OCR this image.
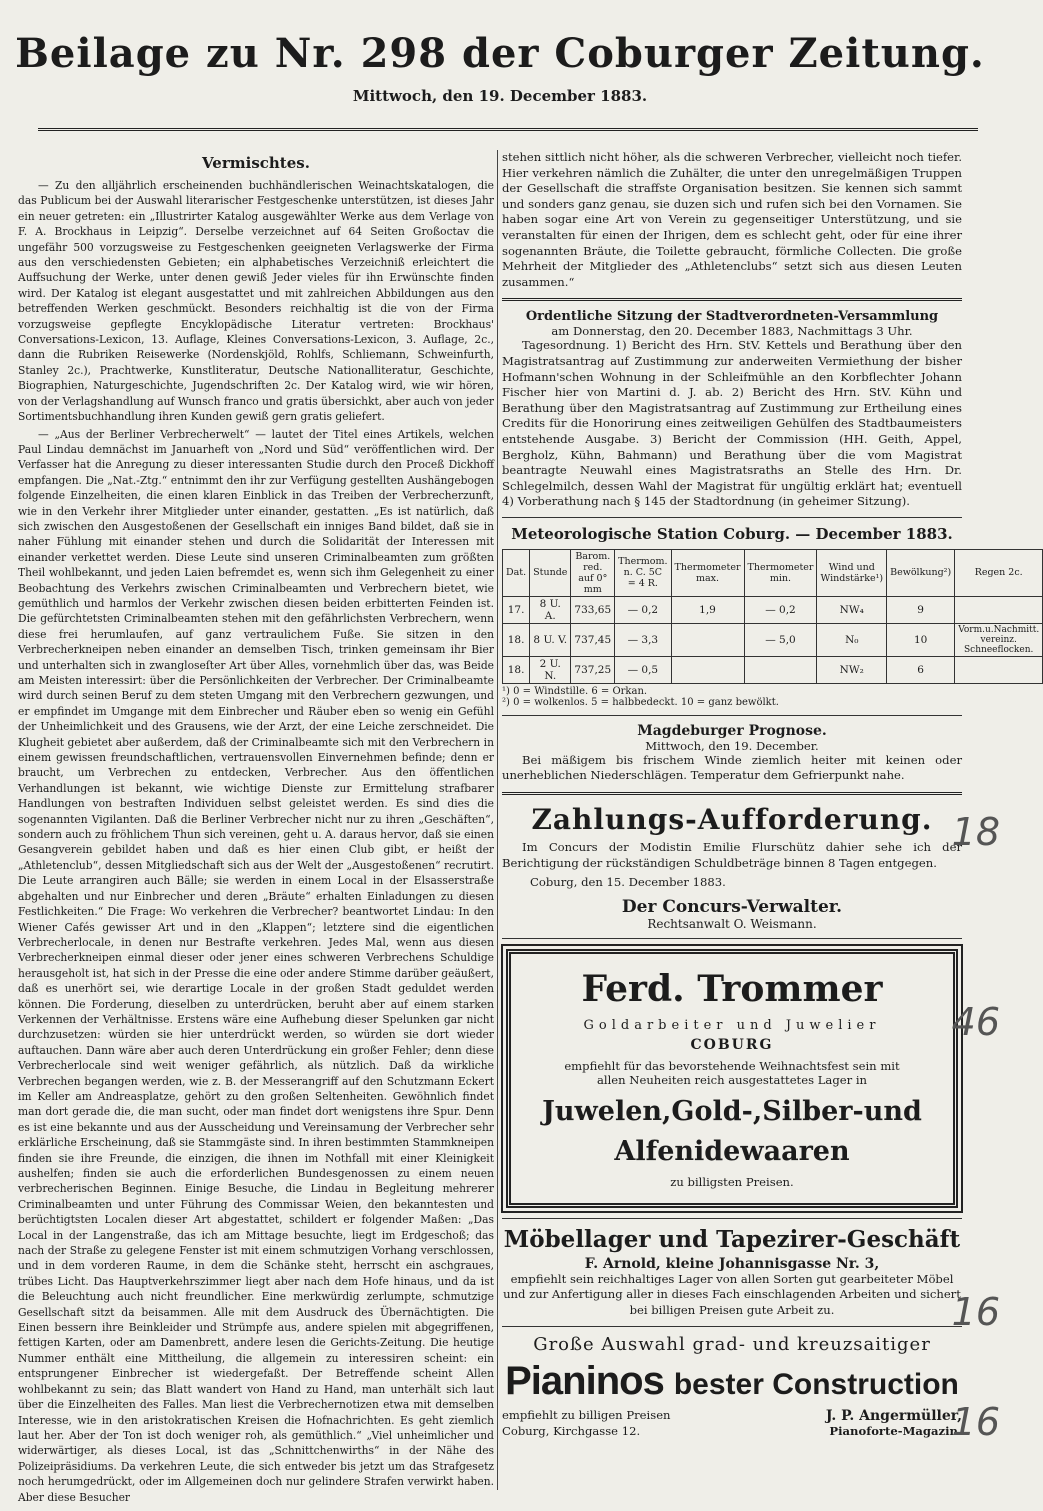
Beilage zu Nr. 298 der Coburger Zeitung.
Mittwoch, den 19. December 1883.
Vermischtes.

— Zu den alljährlich erscheinenden buchhändlerischen Weinachtskatalogen, die das Publicum bei der Auswahl literarischer Festgeschenke unterstützen, ist dieses Jahr ein neuer getreten: ein „Illustrirter Katalog ausgewählter Werke aus dem Verlage von F. A. Brockhaus in Leipzig“. Derselbe verzeichnet auf 64 Seiten Großoctav die ungefähr 500 vorzugsweise zu Festgeschenken geeigneten Verlagswerke der Firma aus den verschiedensten Gebieten; ein alphabetisches Verzeichniß erleichtert die Auffsuchung der Werke, unter denen gewiß Jeder vieles für ihn Erwünschte finden wird. Der Katalog ist elegant ausgestattet und mit zahlreichen Abbildungen aus den betreffenden Werken geschmückt. Besonders reichhaltig ist die von der Firma vorzugsweise gepflegte Encyklopädische Literatur vertreten: Brockhaus' Conversations-Lexicon, 13. Auflage, Kleines Conversations-Lexicon, 3. Auflage, 2c., dann die Rubriken Reisewerke (Nordenskjöld, Rohlfs, Schliemann, Schweinfurth, Stanley 2c.), Prachtwerke, Kunstliteratur, Deutsche Nationalliteratur, Geschichte, Biographien, Naturgeschichte, Jugendschriften 2c. Der Katalog wird, wie wir hören, von der Verlagshandlung auf Wunsch franco und gratis übersichkt, aber auch von jeder Sortimentsbuchhandlung ihren Kunden gewiß gern gratis geliefert.

— „Aus der Berliner Verbrecherwelt“ — lautet der Titel eines Artikels, welchen Paul Lindau demnächst im Januarheft von „Nord und Süd“ veröffentlichen wird. Der Verfasser hat die Anregung zu dieser interessanten Studie durch den Proceß Dickhoff empfangen. Die „Nat.-Ztg.“ entnimmt den ihr zur Verfügung gestellten Aushängebogen folgende Einzelheiten, die einen klaren Einblick in das Treiben der Verbrecherzunft, wie in den Verkehr ihrer Mitglieder unter einander, gestatten. „Es ist natürlich, daß sich zwischen den Ausgestoßenen der Gesellschaft ein inniges Band bildet, daß sie in naher Fühlung mit einander stehen und durch die Solidarität der Interessen mit einander verkettet werden. Diese Leute sind unseren Criminalbeamten zum größten Theil wohlbekannt, und jeden Laien befremdet es, wenn sich ihm Gelegenheit zu einer Beobachtung des Verkehrs zwischen Criminalbeamten und Verbrechern bietet, wie gemüthlich und harmlos der Verkehr zwischen diesen beiden erbitterten Feinden ist. Die gefürchtetsten Criminalbeamten stehen mit den gefährlichsten Verbrechern, wenn diese frei herumlaufen, auf ganz vertraulichem Fuße. Sie sitzen in den Verbrecherkneipen neben einander an demselben Tisch, trinken gemeinsam ihr Bier und unterhalten sich in zwangloseſter Art über Alles, vornehmlich über das, was Beide am Meisten interessirt: über die Persönlichkeiten der Verbrecher. Der Criminalbeamte wird durch seinen Beruf zu dem steten Umgang mit den Verbrechern gezwungen, und er empfindet im Umgange mit dem Einbrecher und Räuber eben so wenig ein Gefühl der Unheimlichkeit und des Grausens, wie der Arzt, der eine Leiche zerschneidet. Die Klugheit gebietet aber außerdem, daß der Criminalbeamte sich mit den Verbrechern in einem gewissen freundschaftlichen, vertrauensvollen Einvernehmen befinde; denn er braucht, um Verbrechen zu entdecken, Verbrecher. Aus den öffentlichen Verhandlungen ist bekannt, wie wichtige Dienste zur Ermittelung strafbarer Handlungen von bestraften Individuen selbst geleistet werden. Es sind dies die sogenannten Vigilanten. Daß die Berliner Verbrecher nicht nur zu ihren „Geschäften“, sondern auch zu fröhlichem Thun sich vereinen, geht u. A. daraus hervor, daß sie einen Gesangverein gebildet haben und daß es hier einen Club gibt, er heißt der „Athletenclub“, dessen Mitgliedschaft sich aus der Welt der „Ausgestoßenen“ recrutirt. Die Leute arrangiren auch Bälle; sie werden in einem Local in der Elsasserstraße abgehalten und nur Einbrecher und deren „Bräute“ erhalten Einladungen zu diesen Festlichkeiten.“ Die Frage: Wo verkehren die Verbrecher? beantwortet Lindau: In den Wiener Cafés gewisser Art und in den „Klappen“; letztere sind die eigentlichen Verbrecherlocale, in denen nur Bestrafte verkehren. Jedes Mal, wenn aus diesen Verbrecherkneipen einmal dieser oder jener eines schweren Verbrechens Schuldige herausgeholt ist, hat sich in der Presse die eine oder andere Stimme darüber geäußert, daß es unerhört sei, wie derartige Locale in der großen Stadt geduldet werden können. Die Forderung, dieselben zu unterdrücken, beruht aber auf einem starken Verkennen der Verhältnisse. Erstens wäre eine Aufhebung dieser Spelunken gar nicht durchzusetzen: würden sie hier unterdrückt werden, so würden sie dort wieder auftauchen. Dann wäre aber auch deren Unterdrückung ein großer Fehler; denn diese Verbrecherlocale sind weit weniger gefährlich, als nützlich. Daß da wirkliche Verbrechen begangen werden, wie z. B. der Messerangriff auf den Schutzmann Eckert im Keller am Andreasplatze, gehört zu den großen Seltenheiten. Gewöhnlich findet man dort gerade die, die man sucht, oder man findet dort wenigstens ihre Spur. Denn es ist eine bekannte und aus der Ausscheidung und Vereinsamung der Verbrecher sehr erklärliche Erscheinung, daß sie Stammgäste sind. In ihren bestimmten Stammkneipen finden sie ihre Freunde, die einzigen, die ihnen im Nothfall mit einer Kleinigkeit aushelfen; finden sie auch die erforderlichen Bundesgenossen zu einem neuen verbrecherischen Beginnen. Einige Besuche, die Lindau in Begleitung mehrerer Criminalbeamten und unter Führung des Commissar Weien, den bekanntesten und berüchtigtsten Localen dieser Art abgestattet, schildert er folgender Maßen: „Das Local in der Langenstraße, das ich am Mittage besuchte, liegt im Erdgeschoß; das nach der Straße zu gelegene Fenster ist mit einem schmutzigen Vorhang verschlossen, und in dem vorderen Raume, in dem die Schänke steht, herrscht ein aschgraues, trübes Licht. Das Hauptverkehrszimmer liegt aber nach dem Hofe hinaus, und da ist die Beleuchtung auch nicht freundlicher. Eine merkwürdig zerlumpte, schmutzige Gesellschaft sitzt da beisammen. Alle mit dem Ausdruck des Übernächtigten. Die Einen bessern ihre Beinkleider und Strümpfe aus, andere spielen mit abgegriffenen, fettigen Karten, oder am Damenbrett, andere lesen die Gerichts-Zeitung. Die heutige Nummer enthält eine Mittheilung, die allgemein zu interessiren scheint: ein entsprungener Einbrecher ist wiedergefaßt. Der Betreffende scheint Allen wohlbekannt zu sein; das Blatt wandert von Hand zu Hand, man unterhält sich laut über die Einzelheiten des Falles. Man liest die Verbrechernotizen etwa mit demselben Interesse, wie in den aristokratischen Kreisen die Hofnachrichten. Es geht ziemlich laut her. Aber der Ton ist doch weniger roh, als gemüthlich.“ „Viel unheimlicher und widerwärtiger, als dieses Local, ist das „Schnittchenwirths“ in der Nähe des Polizeipräsidiums. Da verkehren Leute, die sich entweder bis jetzt um das Strafgesetz noch herumgedrückt, oder im Allgemeinen doch nur gelindere Strafen verwirkt haben. Aber diese Besucher

stehen sittlich nicht höher, als die schweren Verbrecher, vielleicht noch tiefer. Hier verkehren nämlich die Zuhälter, die unter den unregelmäßigen Truppen der Gesellschaft die straffste Organisation besitzen. Sie kennen sich sammt und sonders ganz genau, sie duzen sich und rufen sich bei den Vornamen. Sie haben sogar eine Art von Verein zu gegenseitiger Unterstützung, und sie veranstalten für einen der Ihrigen, dem es schlecht geht, oder für eine ihrer sogenannten Bräute, die Toilette gebraucht, förmliche Collecten. Die große Mehrheit der Mitglieder des „Athletenclubs“ setzt sich aus diesen Leuten zusammen.“
Ordentliche Sitzung der Stadtverordneten-Versammlung
am Donnerstag, den 20. December 1883, Nachmittags 3 Uhr.
Tagesordnung. 1) Bericht des Hrn. StV. Kettels und Berathung über den Magistratsantrag auf Zustimmung zur anderweiten Vermiethung der bisher Hofmann'schen Wohnung in der Schleifmühle an den Korbflechter Johann Fischer hier von Martini d. J. ab. 2) Bericht des Hrn. StV. Kühn und Berathung über den Magistratsantrag auf Zustimmung zur Ertheilung eines Credits für die Honorirung eines zeitweiligen Gehülfen des Stadtbaumeisters entstehende Ausgabe. 3) Bericht der Commission (HH. Geith, Appel, Bergholz, Kühn, Bahmann) und Berathung über die vom Magistrat beantragte Neuwahl eines Magistratsraths an Stelle des Hrn. Dr. Schlegelmilch, dessen Wahl der Magistrat für ungültig erklärt hat; eventuell 4) Vorberathung nach § 145 der Stadtordnung (in geheimer Sitzung).
Meteorologische Station Coburg. — December 1883.
Dat.	Stunde	Barom. red. auf 0° mm	Thermom. n. C. 5C = 4 R.	Thermometer max.	Thermometer min.	Wind und Windstärke¹)	Bewölkung²)	Regen 2c.
17.	8 U. A.	733,65	— 0,2	1,9	— 0,2	NW₄	9	
18.	8 U. V.	737,45	— 3,3		— 5,0	N₀	10	Vorm.u.Nachmitt. vereinz. Schneeflocken.
18.	2 U. N.	737,25	— 0,5			NW₂	6	
¹) 0 = Windstille. 6 = Orkan.
²) 0 = wolkenlos. 5 = halbbedeckt. 10 = ganz bewölkt.
Magdeburger Prognose.
Mittwoch, den 19. December.
Bei mäßigem bis frischem Winde ziemlich heiter mit keinen oder unerheblichen Niederschlägen. Temperatur dem Gefrierpunkt nahe.
Zahlungs-Aufforderung.
Im Concurs der Modistin Emilie Flurschütz dahier sehe ich der Berichtigung der rückständigen Schuldbeträge binnen 8 Tagen entgegen.
Coburg, den 15. December 1883.
Der Concurs-Verwalter.
Rechtsanwalt O. Weismann.
Ferd. Trommer
Goldarbeiter und Juwelier
COBURG
empfiehlt für das bevorstehende Weihnachtsfest sein mit
allen Neuheiten reich ausgestattetes Lager in
Juwelen,Gold-,Silber-und
Alfenidewaaren
zu billigsten Preisen.
Möbellager und Tapezirer-Geschäft
F. Arnold, kleine Johannisgasse Nr. 3,
empfiehlt sein reichhaltiges Lager von allen Sorten gut gearbeiteter Möbel und zur Anfertigung aller in dieses Fach einschlagenden Arbeiten und sichert bei billigen Preisen gute Arbeit zu.
Große Auswahl grad- und kreuzsaitiger
Pianinos bester Construction
empfiehlt zu billigen Preisen	J. P. Angermüller,
Coburg, Kirchgasse 12.	Pianoforte-Magazin.
18
46
16
16
